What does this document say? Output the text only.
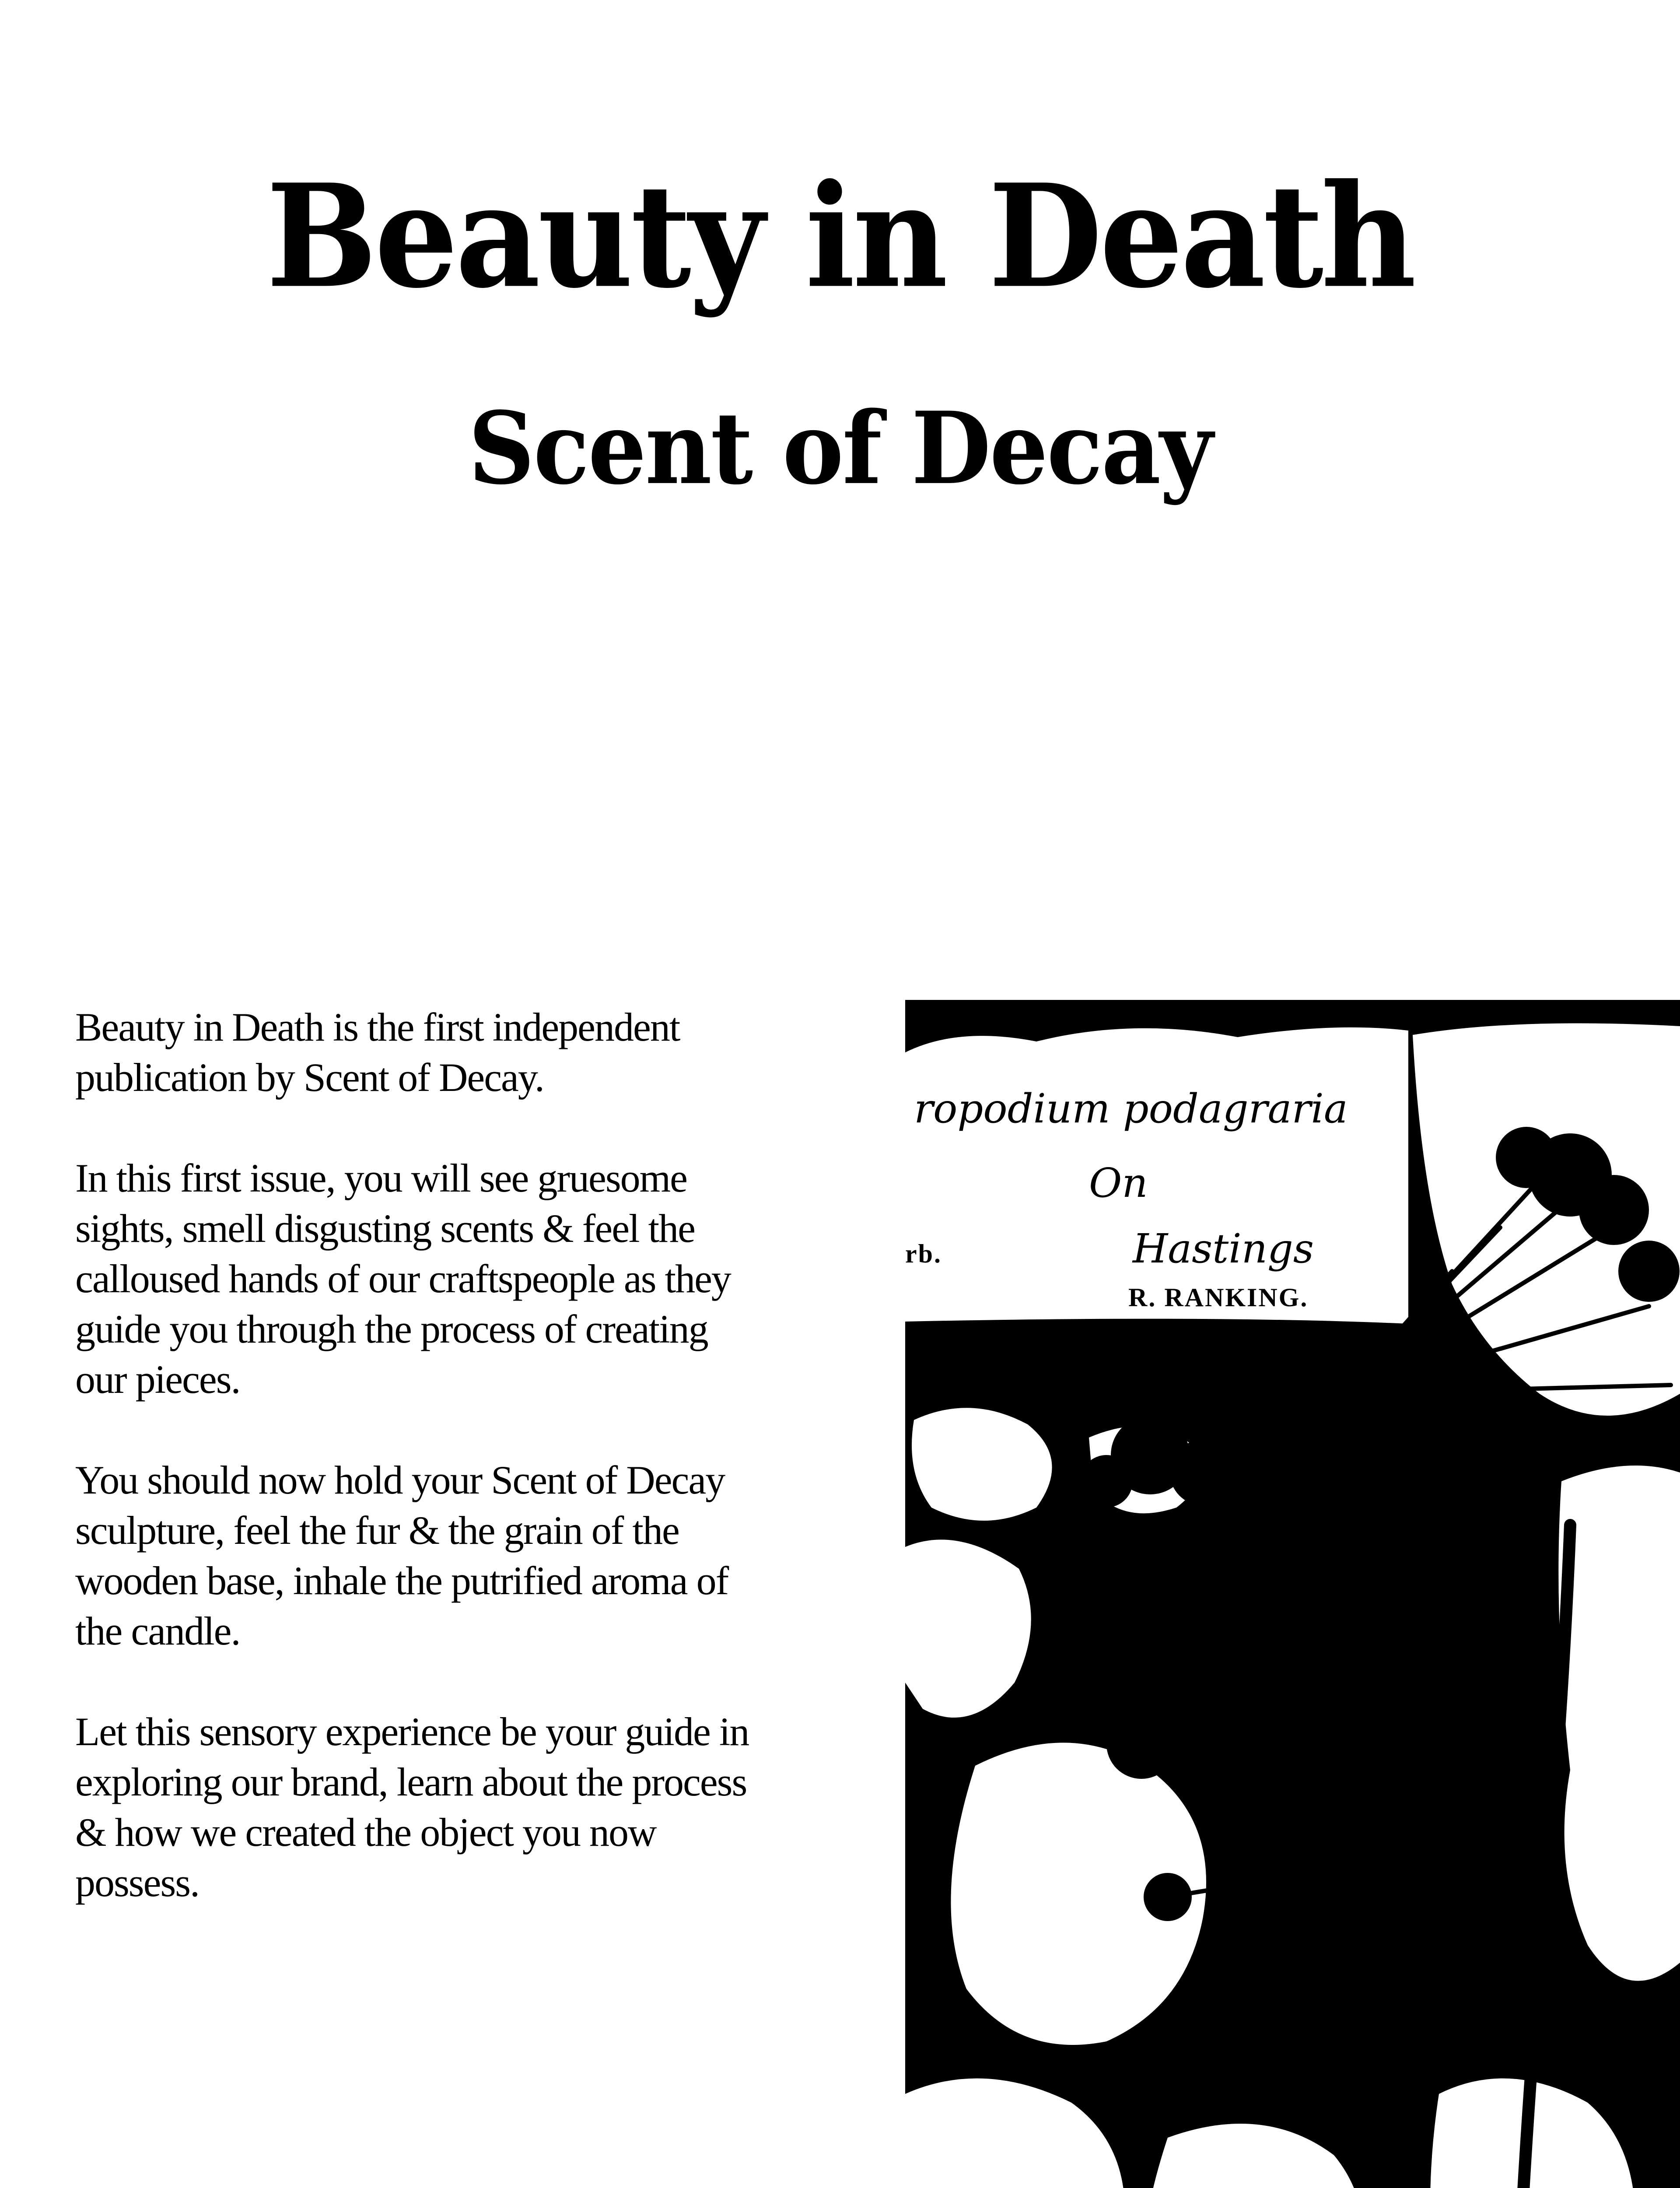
Beauty in Death
Scent of Decay

Beauty in Death is the first independent publication by Scent of Decay.

In this first issue, you will see gruesome sights, smell disgusting scents & feel the calloused hands of our craftspeople as they guide you through the process of creating our pieces.

You should now hold your Scent of Decay sculpture, feel the fur & the grain of the wooden base, inhale the putrified aroma of the candle.

Let this sensory experience be your guide in exploring our brand, learn about the process & how we created the object you now possess.

ropodium podagraria
On
Hastings
rb.
R. RANKING.
